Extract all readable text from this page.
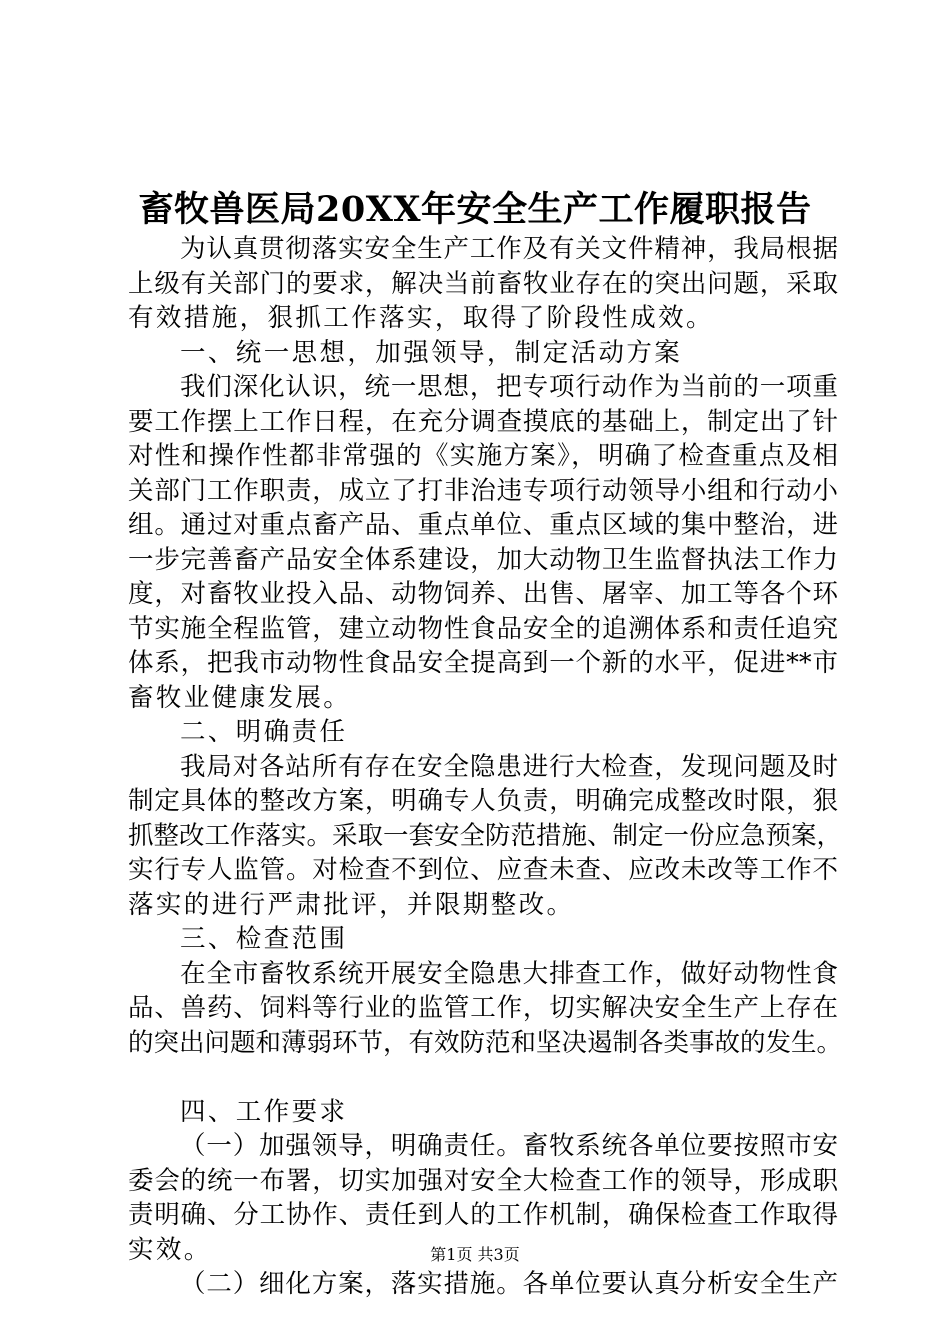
畜牧兽医局20XX年安全生产工作履职报告
为认真贯彻落实安全生产工作及有关文件精神，我局根据
上级有关部门的要求，解决当前畜牧业存在的突出问题，采取
有效措施，狠抓工作落实，取得了阶段性成效。
一、统一思想，加强领导，制定活动方案
我们深化认识，统一思想，把专项行动作为当前的一项重
要工作摆上工作日程，在充分调查摸底的基础上，制定出了针
对性和操作性都非常强的《实施方案》，明确了检查重点及相
关部门工作职责，成立了打非治违专项行动领导小组和行动小
组。通过对重点畜产品、重点单位、重点区域的集中整治，进
一步完善畜产品安全体系建设，加大动物卫生监督执法工作力
度，对畜牧业投入品、动物饲养、出售、屠宰、加工等各个环
节实施全程监管，建立动物性食品安全的追溯体系和责任追究
体系，把我市动物性食品安全提高到一个新的水平，促进**市
畜牧业健康发展。
二、明确责任
我局对各站所有存在安全隐患进行大检查，发现问题及时
制定具体的整改方案，明确专人负责，明确完成整改时限，狠
抓整改工作落实。采取一套安全防范措施、制定一份应急预案，
实行专人监管。对检查不到位、应查未查、应改未改等工作不
落实的进行严肃批评，并限期整改。
三、检查范围
在全市畜牧系统开展安全隐患大排查工作，做好动物性食
品、兽药、饲料等行业的监管工作，切实解决安全生产上存在
的突出问题和薄弱环节，有效防范和坚决遏制各类事故的发生。
四、工作要求
（一）加强领导，明确责任。畜牧系统各单位要按照市安
委会的统一布署，切实加强对安全大检查工作的领导，形成职
责明确、分工协作、责任到人的工作机制，确保检查工作取得
实效。
（二）细化方案，落实措施。各单位要认真分析安全生产
第1页 共3页
